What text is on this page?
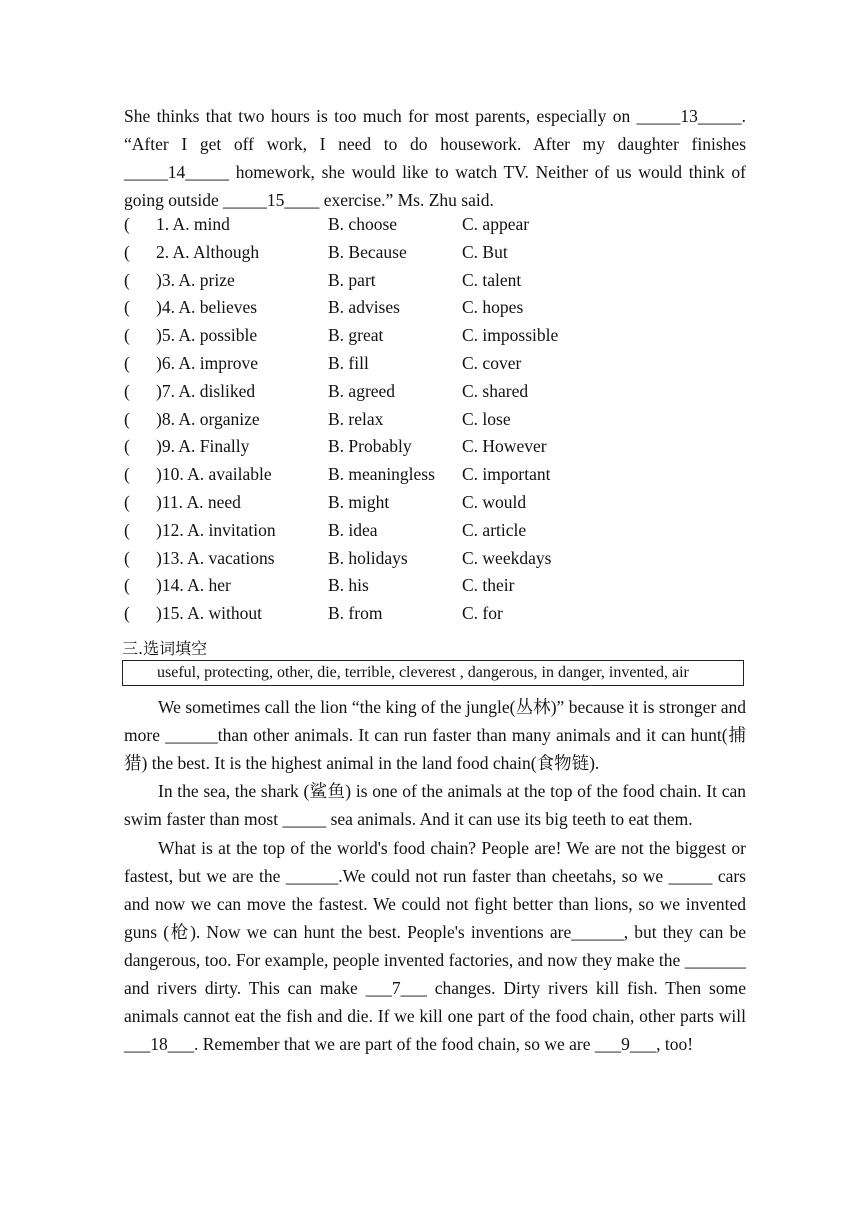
She thinks that two hours is too much for most parents, especially on _____13_____. “After I get off work, I need to do housework. After my daughter finishes _____14_____ homework, she would like to watch TV. Neither of us would think of going outside _____15____ exercise.” Ms. Zhu said.

( 1. A. mind	B. choose	C. appear
( 2. A. Although	B. Because	C. But
( )3. A. prize	B. part	C. talent
( )4. A. believes	B. advises	C. hopes
( )5. A. possible	B. great	C. impossible
( )6. A. improve	B. fill	C. cover
( )7. A. disliked	B. agreed	C. shared
( )8. A. organize	B. relax	C. lose
( )9. A. Finally	B. Probably	C. However
( )10. A. available	B. meaningless C. important
( )11. A. need	B. might	C. would
( )12. A. invitation	B. idea	C. article
( )13. A. vacations	B. holidays	C. weekdays
( )14. A. her	B. his	C. their
( )15. A. without	B. from	C. for
三.选词填空
useful, protecting, other, die, terrible, cleverest , dangerous, in danger, invented, air

We sometimes call the lion “the king of the jungle(丛林)” because it is stronger and more ______than other animals. It can run faster than many animals and it can hunt(捕猎) the best. It is the highest animal in the land food chain(食物链).

In the sea, the shark (鲨鱼) is one of the animals at the top of the food chain. It can swim faster than most _____ sea animals. And it can use its big teeth to eat them.

What is at the top of the world's food chain? People are! We are not the biggest or fastest, but we are the ______.We could not run faster than cheetahs, so we _____ cars and now we can move the fastest. We could not fight better than lions, so we invented guns (枪). Now we can hunt the best. People's inventions are______, but they can be dangerous, too. For example, people invented factories, and now they make the _______ and rivers dirty. This can make ___7___ changes. Dirty rivers kill fish. Then some animals cannot eat the fish and die. If we kill one part of the food chain, other parts will ___18___. Remember that we are part of the food chain, so we are ___9___, too!
